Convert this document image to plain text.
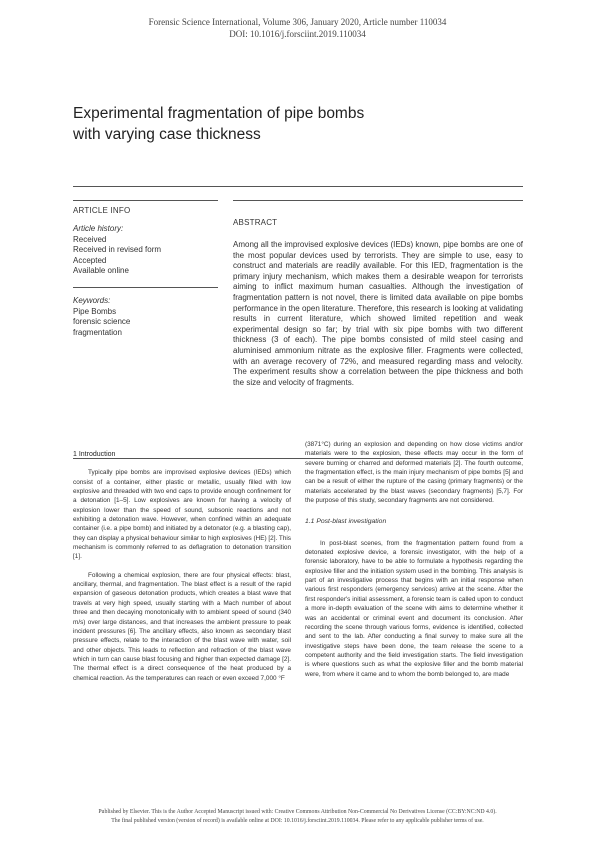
Forensic Science International, Volume 306, January 2020, Article number 110034
DOI: 10.1016/j.forsciint.2019.110034
Experimental fragmentation of pipe bombs
with varying case thickness
ARTICLE INFO
Article history:
Received
Received in revised form
Accepted
Available online
Keywords:
Pipe Bombs
forensic science
fragmentation
ABSTRACT

Among all the improvised explosive devices (IEDs) known, pipe bombs are one of the most popular devices used by terrorists. They are simple to use, easy to construct and materials are readily available. For this IED, fragmentation is the primary injury mechanism, which makes them a desirable weapon for terrorists aiming to inflict maximum human casualties. Although the investigation of fragmentation pattern is not novel, there is limited data available on pipe bombs performance in the open literature. Therefore, this research is looking at validating results in current literature, which showed limited repetition and weak experimental design so far; by trial with six pipe bombs with two different thickness (3 of each). The pipe bombs consisted of mild steel casing and aluminised ammonium nitrate as the explosive filler. Fragments were collected, with an average recovery of 72%, and measured regarding mass and velocity. The experiment results show a correlation between the pipe thickness and both the size and velocity of fragments.

1 Introduction

Typically pipe bombs are improvised explosive devices (IEDs) which consist of a container, either plastic or metallic, usually filled with low explosive and threaded with two end caps to provide enough confinement for a detonation [1–5]. Low explosives are known for having a velocity of explosion lower than the speed of sound, subsonic reactions and not exhibiting a detonation wave. However, when confined within an adequate container (i.e. a pipe bomb) and initiated by a detonator (e.g. a blasting cap), they can display a physical behaviour similar to high explosives (HE) [2]. This mechanism is commonly referred to as deflagration to detonation transition [1].

Following a chemical explosion, there are four physical effects: blast, ancillary, thermal, and fragmentation. The blast effect is a result of the rapid expansion of gaseous detonation products, which creates a blast wave that travels at very high speed, usually starting with a Mach number of about three and then decaying monotonically with to ambient speed of sound (340 m/s) over large distances, and that increases the ambient pressure to peak incident pressures [6]. The ancillary effects, also known as secondary blast pressure effects, relate to the interaction of the blast wave with water, soil and other objects. This leads to reflection and refraction of the blast wave which in turn can cause blast focusing and higher than expected damage [2]. The thermal effect is a direct consequence of the heat produced by a chemical reaction. As the temperatures can reach or even exceed 7,000 °F

(3871°C) during an explosion and depending on how close victims and/or materials were to the explosion, these effects may occur in the form of severe burning or charred and deformed materials [2]. The fourth outcome, the fragmentation effect, is the main injury mechanism of pipe bombs [5] and can be a result of either the rupture of the casing (primary fragments) or the materials accelerated by the blast waves (secondary fragments) [5,7]. For the purpose of this study, secondary fragments are not considered.

1.1 Post-blast investigation

In post-blast scenes, from the fragmentation pattern found from a detonated explosive device, a forensic investigator, with the help of a forensic laboratory, have to be able to formulate a hypothesis regarding the explosive filler and the initiation system used in the bombing. This analysis is part of an investigative process that begins with an initial response when various first responders (emergency services) arrive at the scene. After the first responder's initial assessment, a forensic team is called upon to conduct a more in-depth evaluation of the scene with aims to determine whether it was an accidental or criminal event and document its conclusion. After recording the scene through various forms, evidence is identified, collected and sent to the lab. After conducting a final survey to make sure all the investigative steps have been done, the team release the scene to a competent authority and the field investigation starts. The field investigation is where questions such as what the explosive filler and the bomb material were, from where it came and to whom the bomb belonged to, are made

Published by Elsevier. This is the Author Accepted Manuscript issued with: Creative Commons Attribution Non-Commercial No Derivatives License (CC:BY:NC:ND 4.0).
The final published version (version of record) is available online at DOI: 10.1016/j.forsciint.2019.110034. Please refer to any applicable publisher terms of use.
